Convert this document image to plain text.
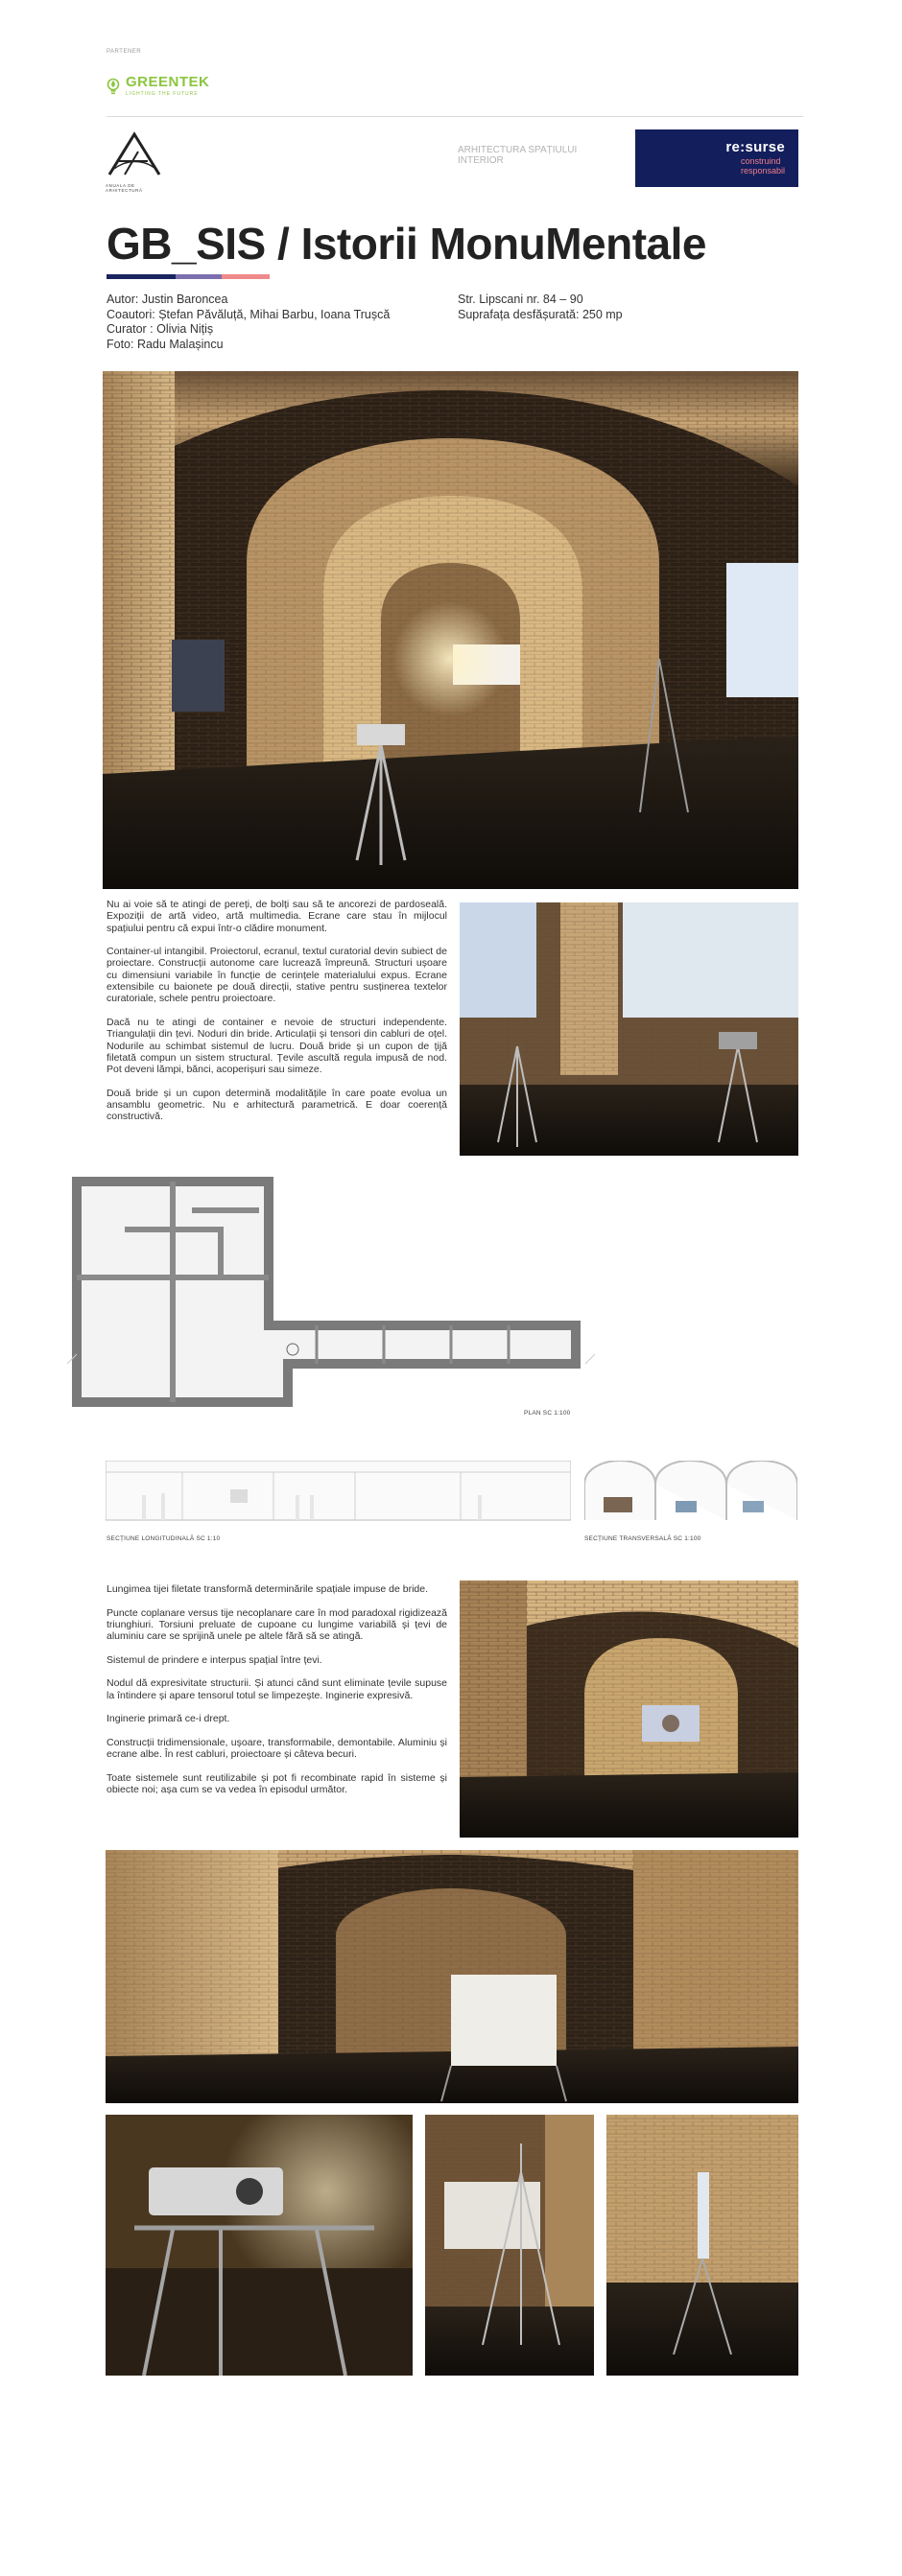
PARTENER
GREENTEK
LIGHTING THE FUTURE
ANUALA DE ARHITECTURĂ
ARHITECTURA SPAȚIULUI INTERIOR
re:surse
construind
responsabil
GB_SIS / Istorii MonuMentale
Autor: Justin Baroncea
Coautori: Ștefan Păvăluță, Mihai Barbu, Ioana Trușcă
Curator : Olivia Nițiș
Foto: Radu Malașincu
Str. Lipscani nr. 84 – 90
Suprafața desfășurată: 250 mp

Nu ai voie să te atingi de pereți, de bolți sau să te ancorezi de pardoseală. Expoziții de artă video, artă multimedia. Ecrane care stau în mijlocul spațiului pentru că expui într-o clădire monument.

Container-ul intangibil. Proiectorul, ecranul, textul curatorial devin subiect de proiectare. Construcții autonome care lucrează împreună. Structuri ușoare cu dimensiuni variabile în funcție de cerințele materialului expus. Ecrane extensibile cu baionete pe două direcții, stative pentru susținerea textelor curatoriale, schele pentru proiectoare.

Dacă nu te atingi de container e nevoie de structuri independente. Triangulații din țevi. Noduri din bride. Articulații și tensori din cabluri de oțel. Nodurile au schimbat sistemul de lucru. Două bride și un cupon de țijă filetată compun un sistem structural. Țevile ascultă regula impusă de nod. Pot deveni lămpi, bănci, acoperișuri sau simeze.

Două bride și un cupon determină modalitățile în care poate evolua un ansamblu geometric. Nu e arhitectură parametrică. E doar coerență constructivă.

PLAN SC 1:100
SECȚIUNE LONGITUDINALĂ SC 1:10	SECȚIUNE TRANSVERSALĂ SC 1:100

Lungimea tijei filetate transformă determinările spațiale impuse de bride.

Puncte coplanare versus tije necoplanare care în mod paradoxal rigidizează triunghiuri. Torsiuni preluate de cupoane cu lungime variabilă și țevi de aluminiu care se sprijină unele pe altele fără să se atingă.

Sistemul de prindere e interpus spațial între țevi.

Nodul dă expresivitate structurii. Și atunci când sunt eliminate țevile supuse la întindere și apare tensorul totul se limpezește. Inginerie expresivă.

Inginerie primară ce-i drept.

Construcții tridimensionale, ușoare, transformabile, demontabile. Aluminiu și ecrane albe. În rest cabluri, proiectoare și câteva becuri.

Toate sistemele sunt reutilizabile și pot fi recombinate rapid în sisteme și obiecte noi; așa cum se va vedea în episodul următor.
